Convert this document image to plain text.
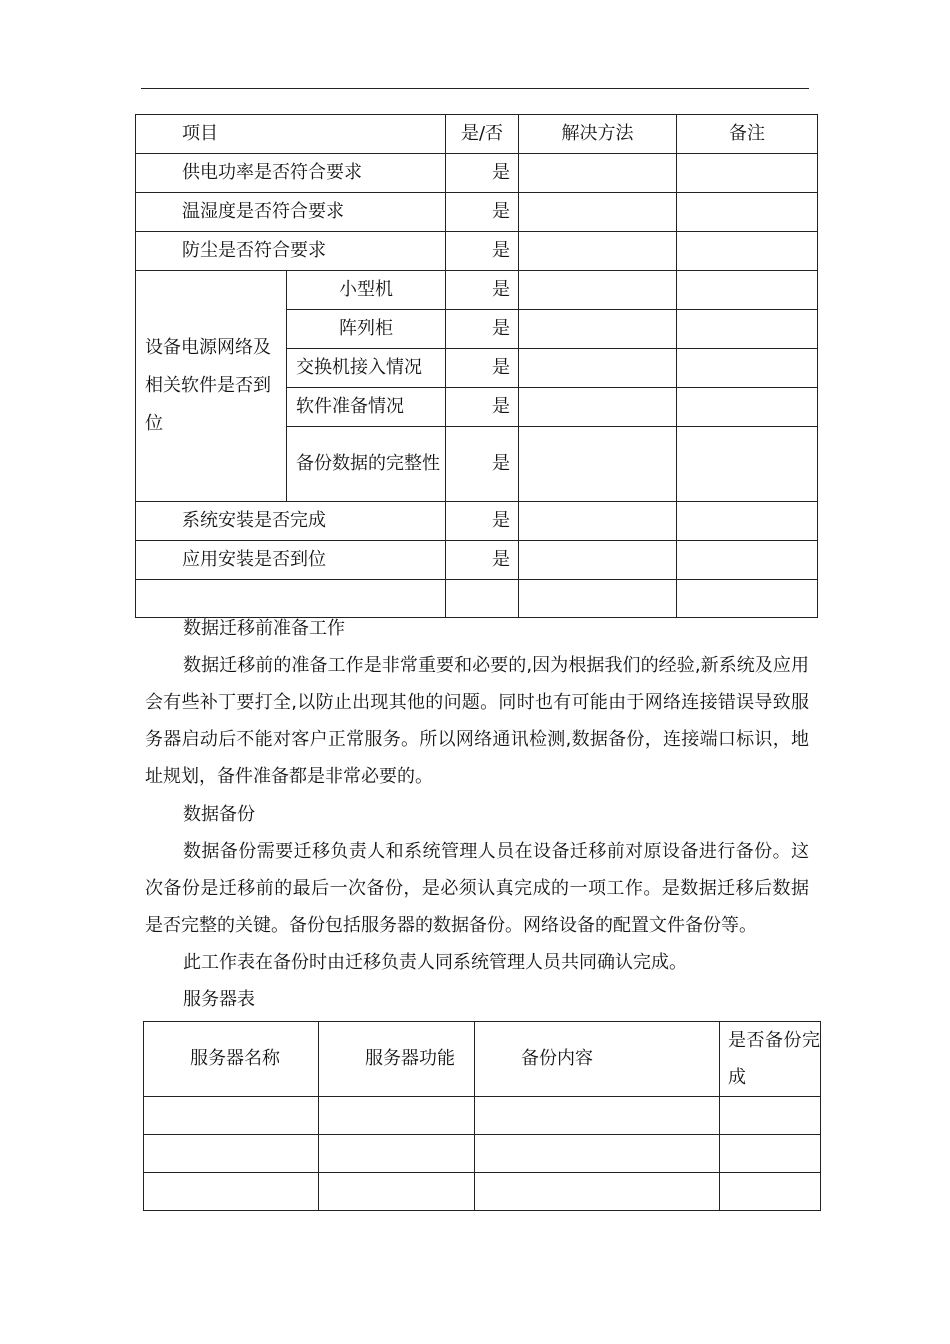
项目		是/否	解决方法	备注
供电功率是否符合要求		是		
温湿度是否符合要求		是		
防尘是否符合要求		是		
设备电源网络及相关软件是否到位	小型机	是		
	阵列柜	是		
	交换机接入情况	是		
	软件准备情况	是		
	备份数据的完整性	是		
系统安装是否完成		是		
应用安装是否到位		是		

数据迁移前准备工作
数据迁移前的准备工作是非常重要和必要的,因为根据我们的经验,新系统及应用会有些补丁要打全,以防止出现其他的问题。同时也有可能由于网络连接错误导致服务器启动后不能对客户正常服务。所以网络通讯检测,数据备份，连接端口标识，地址规划，备件准备都是非常必要的。
数据备份
数据备份需要迁移负责人和系统管理人员在设备迁移前对原设备进行备份。这次备份是迁移前的最后一次备份，是必须认真完成的一项工作。是数据迁移后数据是否完整的关键。备份包括服务器的数据备份。网络设备的配置文件备份等。
此工作表在备份时由迁移负责人同系统管理人员共同确认完成。
服务器表
服务器名称	服务器功能	备份内容	是否备份完成
